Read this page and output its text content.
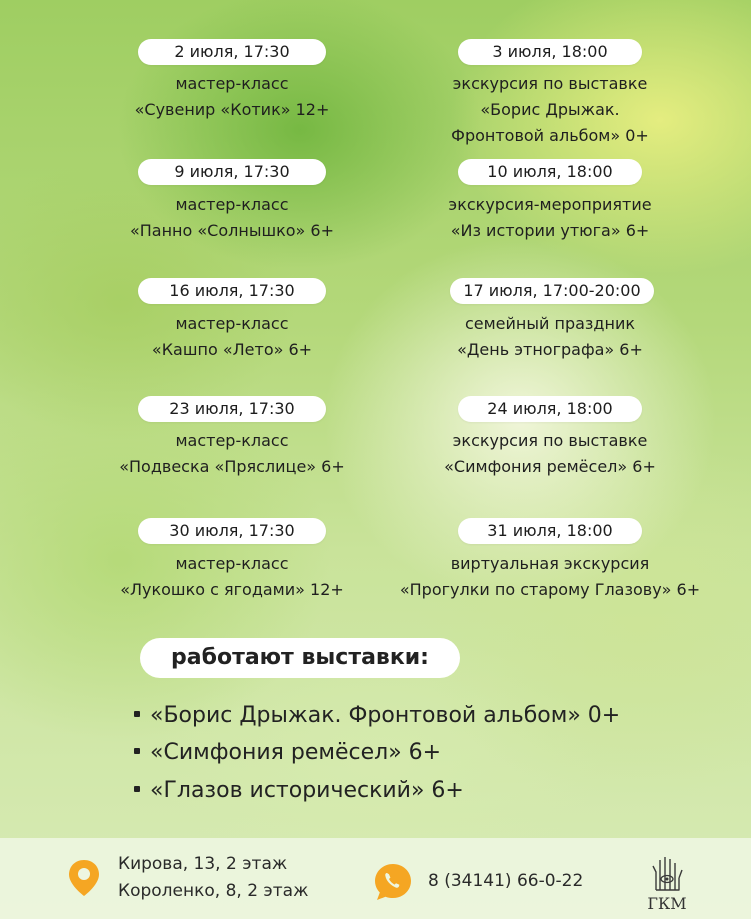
2 июля, 17:30
мастер-класс
«Сувенир «Котик» 12+
3 июля, 18:00
экскурсия по выставке
«Борис Дрыжак.
Фронтовой альбом» 0+
9 июля, 17:30
мастер-класс
«Панно «Солнышко» 6+
10 июля, 18:00
экскурсия-мероприятие
«Из истории утюга» 6+
16 июля, 17:30
мастер-класс
«Кашпо «Лето» 6+
17 июля, 17:00-20:00
семейный праздник
«День этнографа» 6+
23 июля, 17:30
мастер-класс
«Подвеска «Пряслице» 6+
24 июля, 18:00
экскурсия по выставке
«Симфония ремёсел» 6+
30 июля, 17:30
мастер-класс
«Лукошко с ягодами» 12+
31 июля, 18:00
виртуальная экскурсия
«Прогулки по старому Глазову» 6+
работают выставки:
«Борис Дрыжак. Фронтовой альбом» 0+
«Симфония ремёсел» 6+
«Глазов исторический» 6+
Кирова, 13, 2 этаж
Короленко, 8, 2 этаж	8 (34141) 66-0-22
ГКМ
